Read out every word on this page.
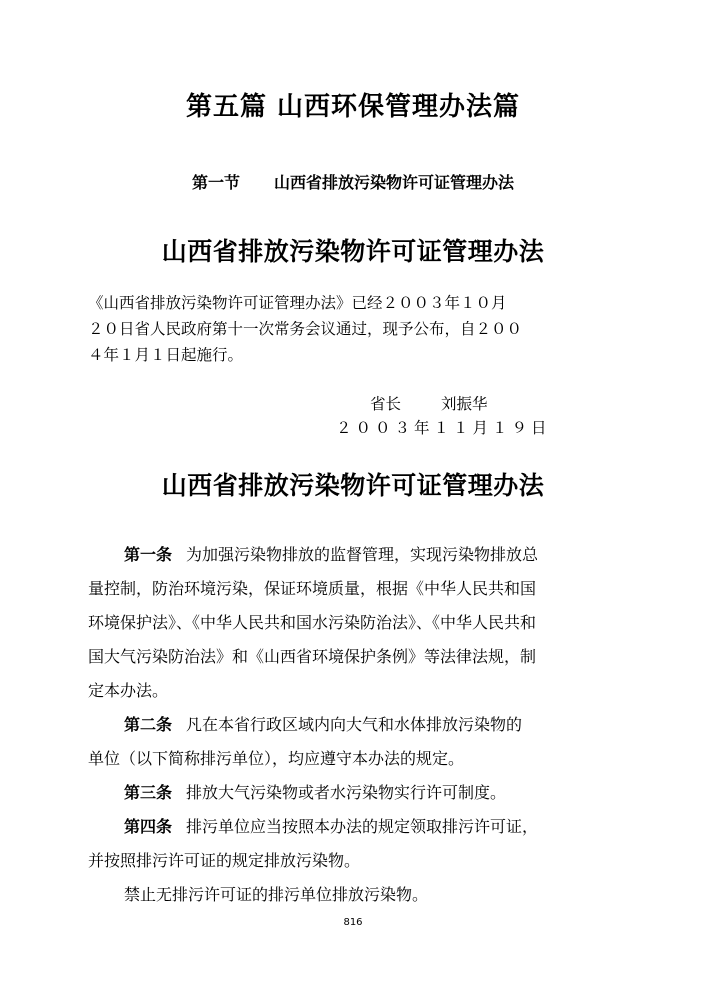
第五篇 山西环保管理办法篇
第一节 山西省排放污染物许可证管理办法
山西省排放污染物许可证管理办法
《山西省排放污染物许可证管理办法》已经２００３年１０月
２０日省人民政府第十一次常务会议通过，现予公布，自２００
４年１月１日起施行。
省长	刘振华
２００３年１１月１９日
山西省排放污染物许可证管理办法
第一条 为加强污染物排放的监督管理，实现污染物排放总
量控制，防治环境污染，保证环境质量，根据《中华人民共和国
环境保护法》、《中华人民共和国水污染防治法》、《中华人民共和
国大气污染防治法》和《山西省环境保护条例》等法律法规，制
定本办法。
第二条 凡在本省行政区域内向大气和水体排放污染物的
单位（以下简称排污单位），均应遵守本办法的规定。
第三条 排放大气污染物或者水污染物实行许可制度。
第四条 排污单位应当按照本办法的规定领取排污许可证，
并按照排污许可证的规定排放污染物。
禁止无排污许可证的排污单位排放污染物。
816
